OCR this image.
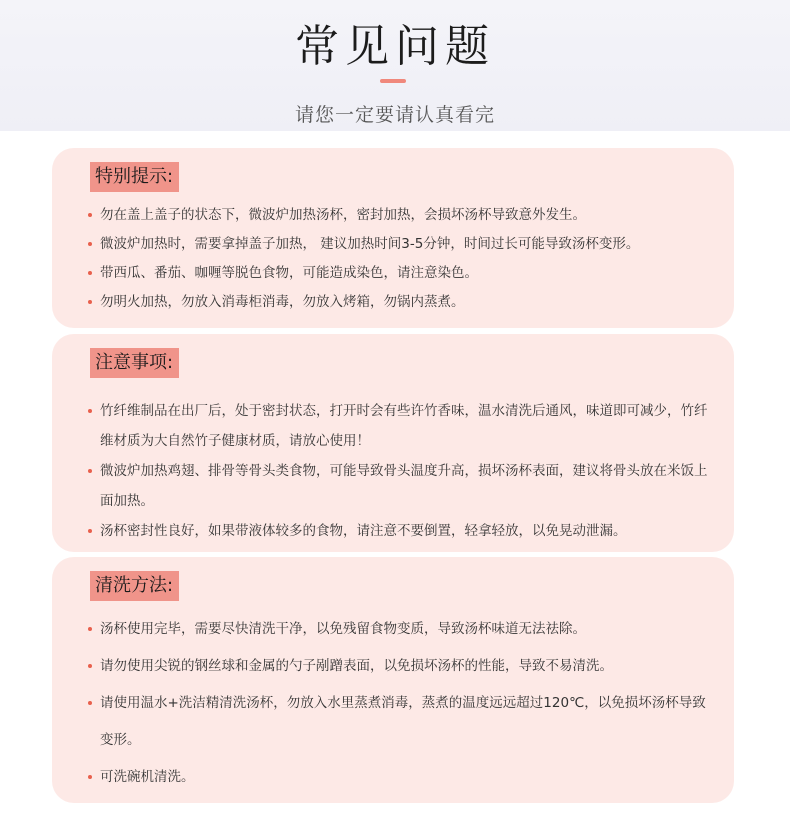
常见问题
请您一定要请认真看完
特别提示:
勿在盖上盖子的状态下，微波炉加热汤杯，密封加热，会损坏汤杯导致意外发生。
微波炉加热时，需要拿掉盖子加热， 建议加热时间3-5分钟，时间过长可能导致汤杯变形。
带西瓜、番茄、咖喱等脱色食物，可能造成染色，请注意染色。
勿明火加热，勿放入消毒柜消毒，勿放入烤箱，勿锅内蒸煮。
注意事项:
竹纤维制品在出厂后，处于密封状态，打开时会有些许竹香味，温水清洗后通风，味道即可减少，竹纤维材质为大自然竹子健康材质，请放心使用！
微波炉加热鸡翅、排骨等骨头类食物，可能导致骨头温度升高，损坏汤杯表面，建议将骨头放在米饭上面加热。
汤杯密封性良好，如果带液体较多的食物，请注意不要倒置，轻拿轻放，以免晃动泄漏。
清洗方法:
汤杯使用完毕，需要尽快清洗干净，以免残留食物变质，导致汤杯味道无法祛除。
请勿使用尖锐的钢丝球和金属的勺子剐蹭表面，以免损坏汤杯的性能，导致不易清洗。
请使用温水+洗洁精清洗汤杯，勿放入水里蒸煮消毒，蒸煮的温度远远超过120℃，以免损坏汤杯导致变形。
可洗碗机清洗。
